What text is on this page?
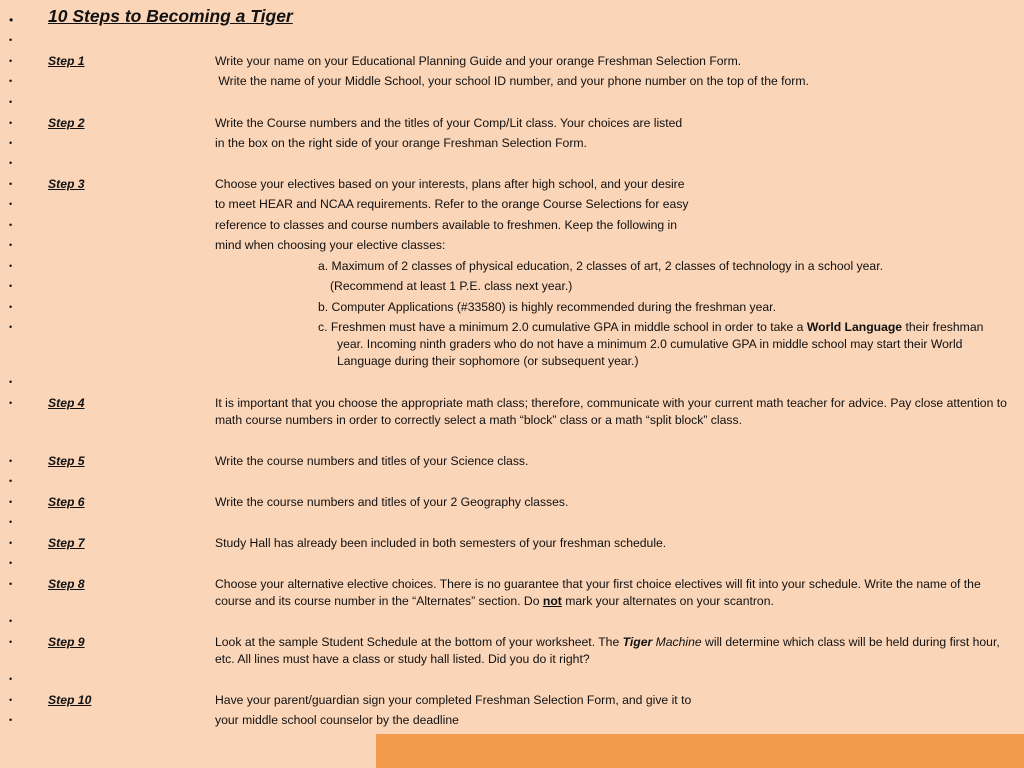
• 10 Steps to Becoming a Tiger
•
•	Step 1	Write your name on your Educational Planning Guide and your orange Freshman Selection Form.
•	Write the name of your Middle School, your school ID number, and your phone number on the top of the form.
•
•	Step 2	Write the Course numbers and the titles of your Comp/Lit class. Your choices are listed
•	in the box on the right side of your orange Freshman Selection Form.
•
•	Step 3	Choose your electives based on your interests, plans after high school, and your desire
•	to meet HEAR and NCAA requirements. Refer to the orange Course Selections for easy
•	reference to classes and course numbers available to freshmen. Keep the following in
•	mind when choosing your elective classes:
•	a. Maximum of 2 classes of physical education, 2 classes of art, 2 classes of technology in a school year.
•	(Recommend at least 1 P.E. class next year.)
•	b. Computer Applications (#33580) is highly recommended during the freshman year.
•	c. Freshmen must have a minimum 2.0 cumulative GPA in middle school in order to take a World Language their freshman year. Incoming ninth graders who do not have a minimum 2.0 cumulative GPA in middle school may start their World Language during their sophomore (or subsequent year.)
•
•	Step 4	It is important that you choose the appropriate math class; therefore, communicate with your current math teacher for advice. Pay close attention to math course numbers in order to correctly select a math “block” class or a math “split block” class.
•	Step 5	Write the course numbers and titles of your Science class.
•
•	Step 6	Write the course numbers and titles of your 2 Geography classes.
•
•	Step 7	Study Hall has already been included in both semesters of your freshman schedule.
•
•	Step 8	Choose your alternative elective choices. There is no guarantee that your first choice electives will fit into your schedule. Write the name of the course and its course number in the “Alternates” section. Do not mark your alternates on your scantron.
•
•	Step 9	Look at the sample Student Schedule at the bottom of your worksheet. The Tiger Machine will determine which class will be held during first hour, etc. All lines must have a class or study hall listed. Did you do it right?
•
•	Step 10	Have your parent/guardian sign your completed Freshman Selection Form, and give it to
•	your middle school counselor by the deadline
